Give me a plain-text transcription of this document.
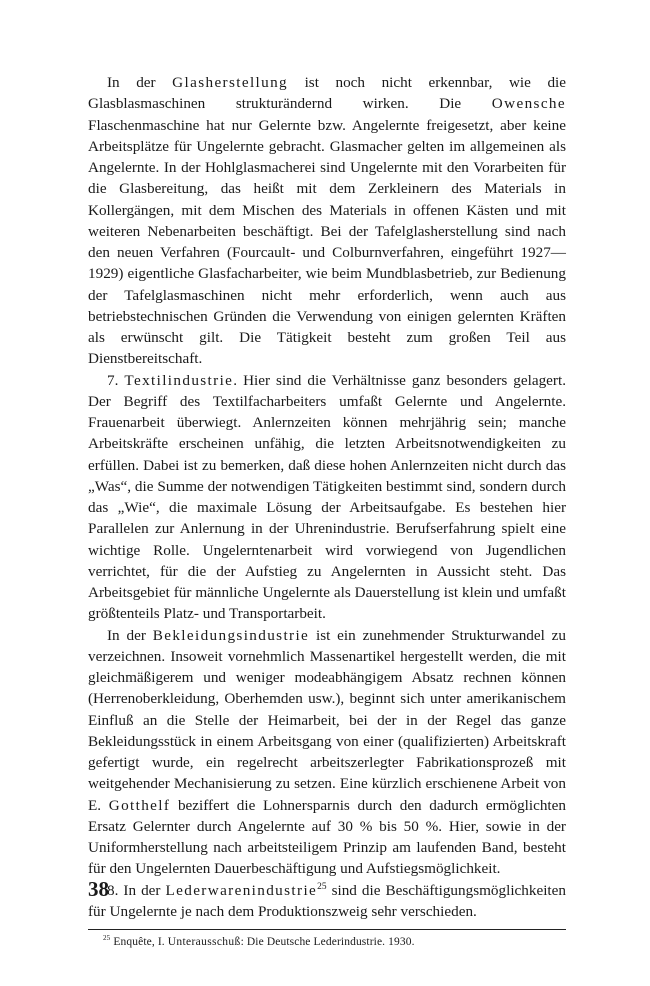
In der Glasherstellung ist noch nicht erkennbar, wie die Glasblasmaschinen strukturändernd wirken. Die Owensche Flaschenmaschine hat nur Gelernte bzw. Angelernte freigesetzt, aber keine Arbeitsplätze für Ungelernte gebracht. Glasmacher gelten im allgemeinen als Angelernte. In der Hohlglasmacherei sind Ungelernte mit den Vorarbeiten für die Glasbereitung, das heißt mit dem Zerkleinern des Materials in Kollergängen, mit dem Mischen des Materials in offenen Kästen und mit weiteren Nebenarbeiten beschäftigt. Bei der Tafelglasherstellung sind nach den neuen Verfahren (Fourcault- und Colburnverfahren, eingeführt 1927—1929) eigentliche Glasfacharbeiter, wie beim Mundblasbetrieb, zur Bedienung der Tafelglasmaschinen nicht mehr erforderlich, wenn auch aus betriebstechnischen Gründen die Verwendung von einigen gelernten Kräften als erwünscht gilt. Die Tätigkeit besteht zum großen Teil aus Dienstbereitschaft.

7. Textilindustrie. Hier sind die Verhältnisse ganz besonders gelagert. Der Begriff des Textilfacharbeiters umfaßt Gelernte und Angelernte. Frauenarbeit überwiegt. Anlernzeiten können mehrjährig sein; manche Arbeitskräfte erscheinen unfähig, die letzten Arbeitsnotwendigkeiten zu erfüllen. Dabei ist zu bemerken, daß diese hohen Anlernzeiten nicht durch das „Was“, die Summe der notwendigen Tätigkeiten bestimmt sind, sondern durch das „Wie“, die maximale Lösung der Arbeitsaufgabe. Es bestehen hier Parallelen zur Anlernung in der Uhrenindustrie. Berufserfahrung spielt eine wichtige Rolle. Ungelerntenarbeit wird vorwiegend von Jugendlichen verrichtet, für die der Aufstieg zu Angelernten in Aussicht steht. Das Arbeitsgebiet für männliche Ungelernte als Dauerstellung ist klein und umfaßt größtenteils Platz- und Transportarbeit.

In der Bekleidungsindustrie ist ein zunehmender Strukturwandel zu verzeichnen. Insoweit vornehmlich Massenartikel hergestellt werden, die mit gleichmäßigerem und weniger modeabhängigem Absatz rechnen können (Herrenoberkleidung, Oberhemden usw.), beginnt sich unter amerikanischem Einfluß an die Stelle der Heimarbeit, bei der in der Regel das ganze Bekleidungsstück in einem Arbeitsgang von einer (qualifizierten) Arbeitskraft gefertigt wurde, ein regelrecht arbeitszerlegter Fabrikationsprozeß mit weitgehender Mechanisierung zu setzen. Eine kürzlich erschienene Arbeit von E. Gotthelf beziffert die Lohnersparnis durch den dadurch ermöglichten Ersatz Gelernter durch Angelernte auf 30 % bis 50 %. Hier, sowie in der Uniformherstellung nach arbeitsteiligem Prinzip am laufenden Band, besteht für den Ungelernten Dauerbeschäftigung und Aufstiegsmöglichkeit.

8. In der Lederwarenindustrie$^{25}$ sind die Beschäftigungsmöglichkeiten für Ungelernte je nach dem Produktionszweig sehr verschieden.

$^{25}$ Enquête, I. Unterausschuß: Die Deutsche Lederindustrie. 1930.

38
